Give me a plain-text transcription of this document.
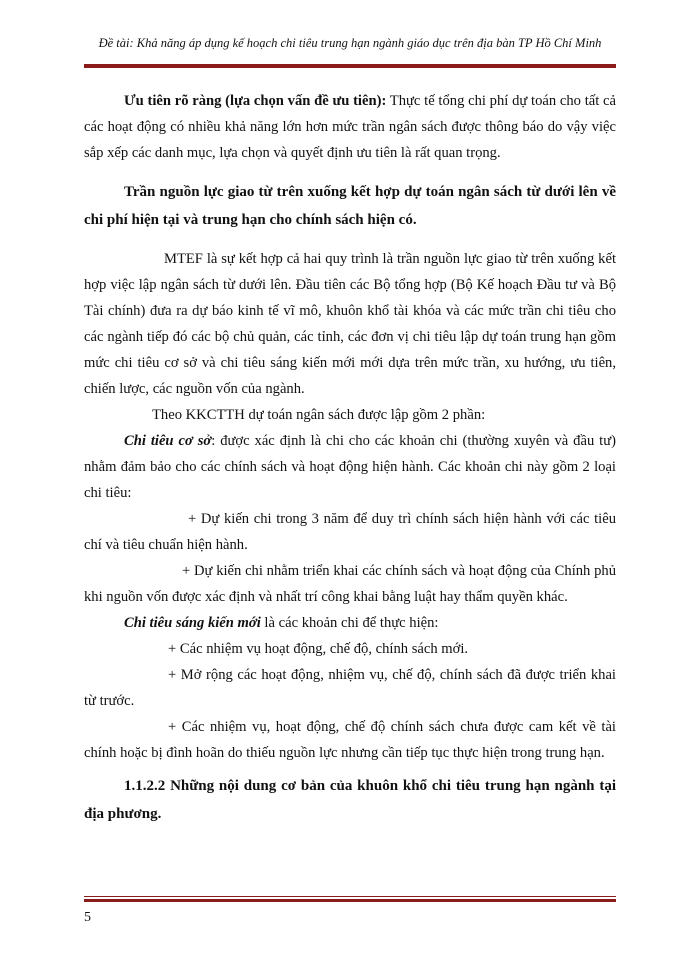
Đề tài: Khả năng áp dụng kế hoạch chi tiêu trung hạn ngành giáo dục trên địa bàn TP Hồ Chí Minh

Ưu tiên rõ ràng (lựa chọn vấn đề ưu tiên): Thực tế tổng chi phí dự toán cho tất cả các hoạt động có nhiều khả năng lớn hơn mức trần ngân sách được thông báo do vậy việc sắp xếp các danh mục, lựa chọn và quyết định ưu tiên là rất quan trọng.

Trần nguồn lực giao từ trên xuống kết hợp dự toán ngân sách từ dưới lên về chi phí hiện tại và trung hạn cho chính sách hiện có.

MTEF là sự kết hợp cả hai quy trình là trần nguồn lực giao từ trên xuống kết hợp việc lập ngân sách từ dưới lên. Đầu tiên các Bộ tổng hợp (Bộ Kế hoạch Đầu tư và Bộ Tài chính) đưa ra dự báo kinh tế vĩ mô, khuôn khổ tài khóa và các mức trần chi tiêu cho các ngành tiếp đó các bộ chủ quản, các tỉnh, các đơn vị chi tiêu lập dự toán trung hạn gồm mức chi tiêu cơ sở và chi tiêu sáng kiến mới mới dựa trên mức trần, xu hướng, ưu tiên, chiến lược, các nguồn vốn của ngành.

Theo KKCTTH dự toán ngân sách được lập gồm 2 phần:

Chi tiêu cơ sở: được xác định là chi cho các khoản chi (thường xuyên và đầu tư) nhằm đảm bảo cho các chính sách và hoạt động hiện hành. Các khoản chi này gồm 2 loại chi tiêu:

+ Dự kiến chi trong 3 năm để duy trì chính sách hiện hành với các tiêu chí và tiêu chuẩn hiện hành.

+ Dự kiến chi nhằm triển khai các chính sách và hoạt động của Chính phủ khi nguồn vốn được xác định và nhất trí công khai bằng luật hay thẩm quyền khác.

Chi tiêu sáng kiến mới là các khoản chi để thực hiện:

+ Các nhiệm vụ hoạt động, chế độ, chính sách mới.

+ Mở rộng các hoạt động, nhiệm vụ, chế độ, chính sách đã được triển khai từ trước.

+ Các nhiệm vụ, hoạt động, chế độ chính sách chưa được cam kết về tài chính hoặc bị đình hoãn do thiếu nguồn lực nhưng cần tiếp tục thực hiện trong trung hạn.

1.1.2.2 Những nội dung cơ bản của khuôn khổ chi tiêu trung hạn ngành tại địa phương.

5
